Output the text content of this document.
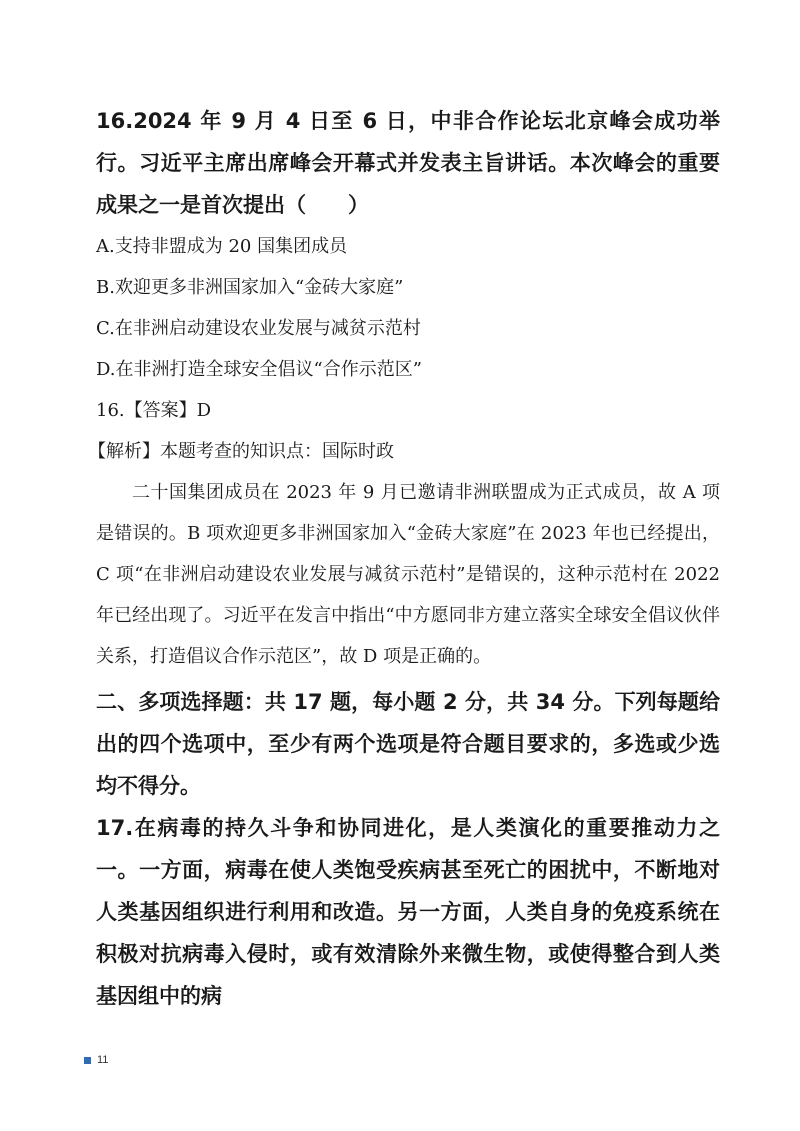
16.2024 年 9 月 4 日至 6 日，中非合作论坛北京峰会成功举行。习近平主席出席峰会开幕式并发表主旨讲话。本次峰会的重要成果之一是首次提出（　　）

A.支持非盟成为 20 国集团成员

B.欢迎更多非洲国家加入“金砖大家庭”

C.在非洲启动建设农业发展与减贫示范村

D.在非洲打造全球安全倡议“合作示范区”

16.【答案】D

【解析】本题考查的知识点：国际时政

二十国集团成员在 2023 年 9 月已邀请非洲联盟成为正式成员，故 A 项是错误的。B 项欢迎更多非洲国家加入“金砖大家庭”在 2023 年也已经提出，C 项“在非洲启动建设农业发展与减贫示范村”是错误的，这种示范村在 2022 年已经出现了。习近平在发言中指出“中方愿同非方建立落实全球安全倡议伙伴关系，打造倡议合作示范区”，故 D 项是正确的。

二、多项选择题：共 17 题，每小题 2 分，共 34 分。下列每题给出的四个选项中，至少有两个选项是符合题目要求的，多选或少选均不得分。

17.在病毒的持久斗争和协同进化，是人类演化的重要推动力之一。一方面，病毒在使人类饱受疾病甚至死亡的困扰中，不断地对人类基因组织进行利用和改造。另一方面，人类自身的免疫系统在积极对抗病毒入侵时，或有效清除外来微生物，或使得整合到人类基因组中的病

11
